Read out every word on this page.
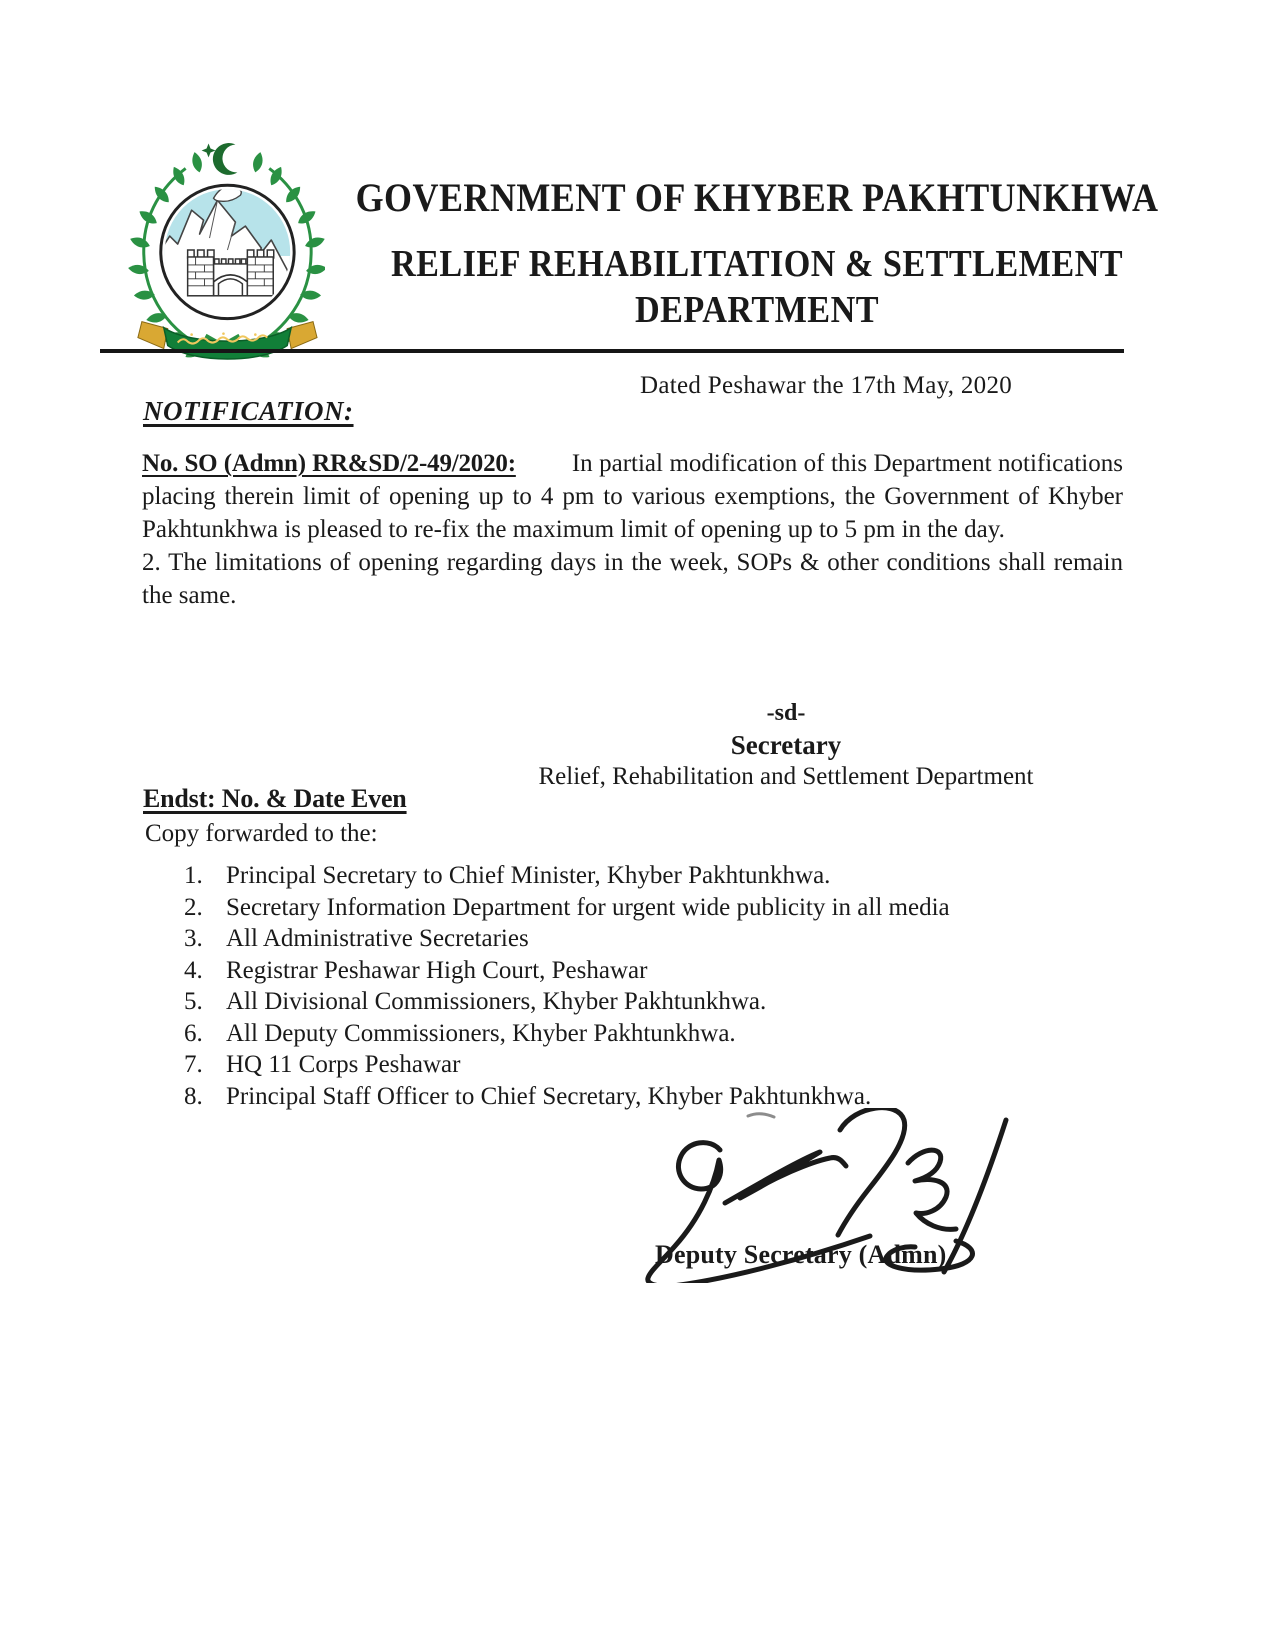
GOVERNMENT OF KHYBER PAKHTUNKHWA
RELIEF REHABILITATION & SETTLEMENT
DEPARTMENT
Dated Peshawar the 17th May, 2020
NOTIFICATION:

No. SO (Admn) RR&SD/2-49/2020: In partial modification of this Department notifications placing therein limit of opening up to 4 pm to various exemptions, the Government of Khyber Pakhtunkhwa is pleased to re-fix the maximum limit of opening up to 5 pm in the day.

2. The limitations of opening regarding days in the week, SOPs & other conditions shall remain the same.

-sd-

Secretary

Relief, Rehabilitation and Settlement Department

Endst: No. & Date Even
Copy forwarded to the:
1. Principal Secretary to Chief Minister, Khyber Pakhtunkhwa.
2. Secretary Information Department for urgent wide publicity in all media
3. All Administrative Secretaries
4. Registrar Peshawar High Court, Peshawar
5. All Divisional Commissioners, Khyber Pakhtunkhwa.
6. All Deputy Commissioners, Khyber Pakhtunkhwa.
7. HQ 11 Corps Peshawar
8. Principal Staff Officer to Chief Secretary, Khyber Pakhtunkhwa.
Deputy Secretary (Admn)
